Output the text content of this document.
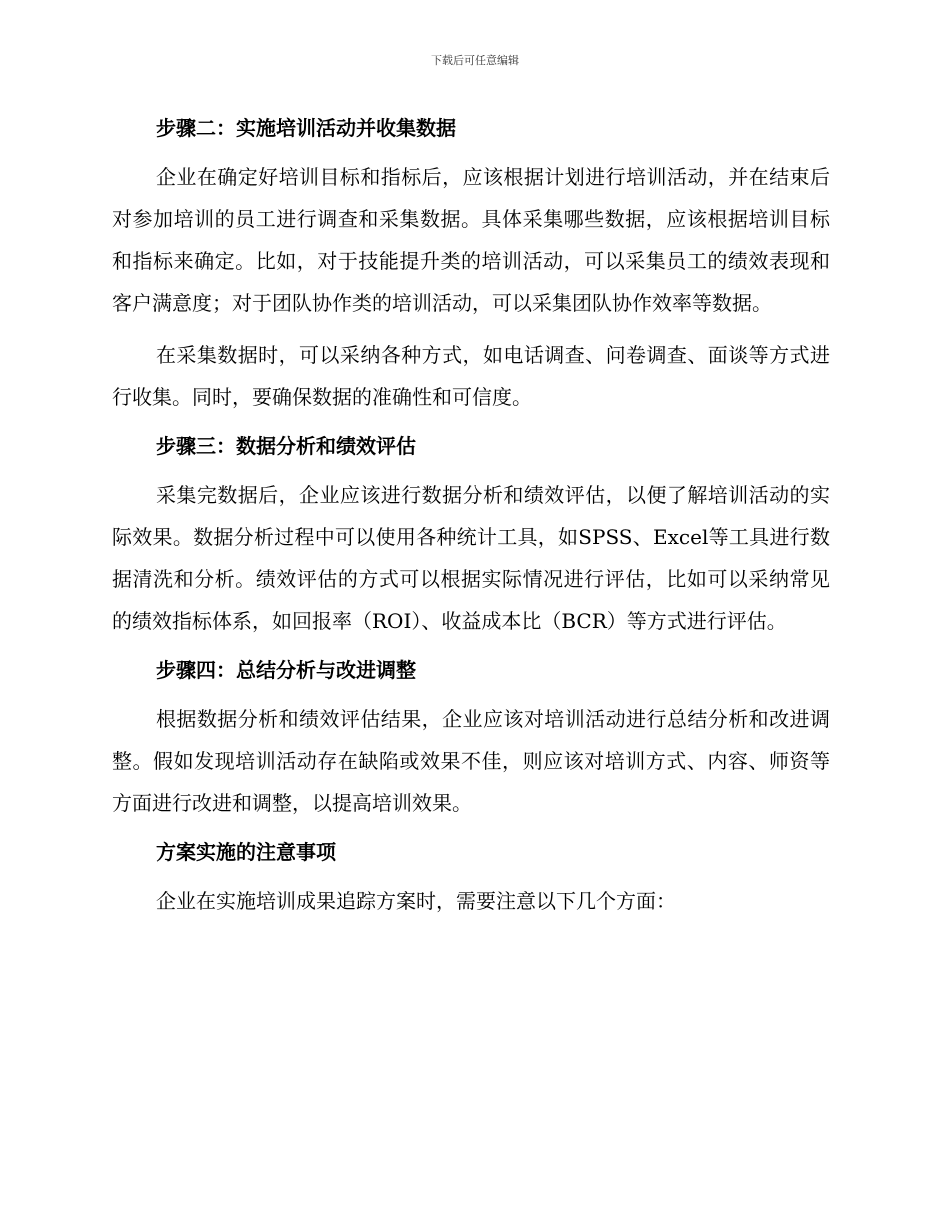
下载后可任意编辑
步骤二：实施培训活动并收集数据

企业在确定好培训目标和指标后，应该根据计划进行培训活动，并在结束后对参加培训的员工进行调查和采集数据。具体采集哪些数据，应该根据培训目标和指标来确定。比如，对于技能提升类的培训活动，可以采集员工的绩效表现和客户满意度；对于团队协作类的培训活动，可以采集团队协作效率等数据。

在采集数据时，可以采纳各种方式，如电话调查、问卷调查、面谈等方式进行收集。同时，要确保数据的准确性和可信度。

步骤三：数据分析和绩效评估

采集完数据后，企业应该进行数据分析和绩效评估，以便了解培训活动的实际效果。数据分析过程中可以使用各种统计工具，如SPSS、Excel等工具进行数据清洗和分析。绩效评估的方式可以根据实际情况进行评估，比如可以采纳常见的绩效指标体系，如回报率（ROI）、收益成本比（BCR）等方式进行评估。

步骤四：总结分析与改进调整

根据数据分析和绩效评估结果，企业应该对培训活动进行总结分析和改进调整。假如发现培训活动存在缺陷或效果不佳，则应该对培训方式、内容、师资等方面进行改进和调整，以提高培训效果。

方案实施的注意事项

企业在实施培训成果追踪方案时，需要注意以下几个方面：
